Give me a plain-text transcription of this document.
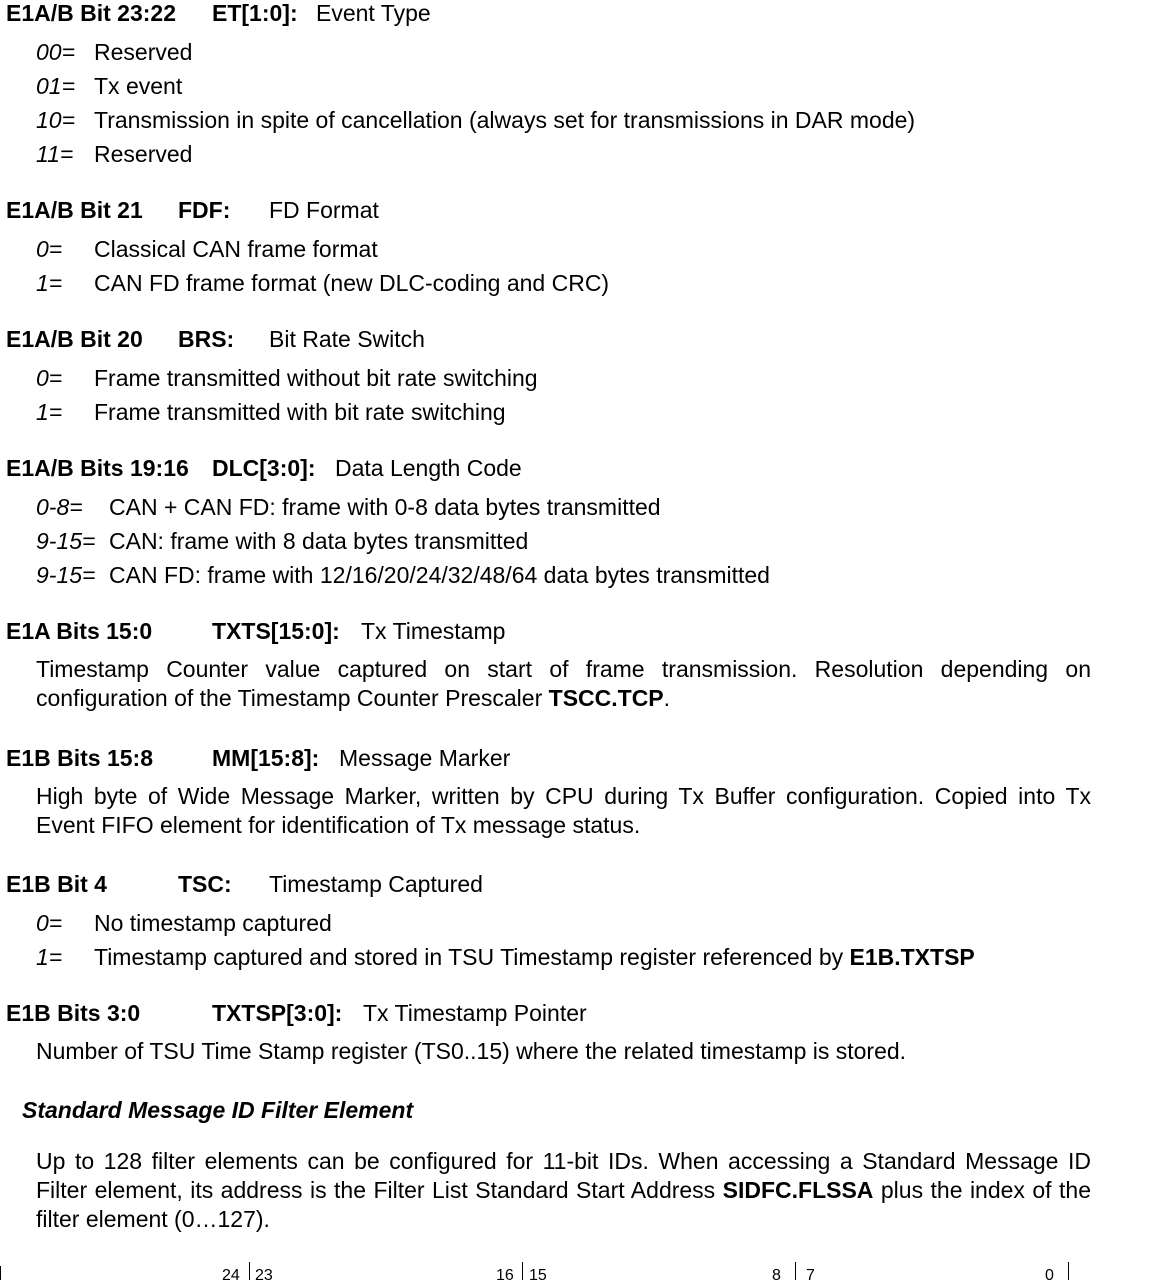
E1A/B Bit 23:22 ET[1:0]: Event Type
00= Reserved
01= Tx event
10= Transmission in spite of cancellation (always set for transmissions in DAR mode)
11= Reserved
E1A/B Bit 21 FDF: FD Format
0= Classical CAN frame format
1= CAN FD frame format (new DLC-coding and CRC)
E1A/B Bit 20 BRS: Bit Rate Switch
0= Frame transmitted without bit rate switching
1= Frame transmitted with bit rate switching
E1A/B Bits 19:16 DLC[3:0]: Data Length Code
0-8= CAN + CAN FD: frame with 0-8 data bytes transmitted
9-15= CAN: frame with 8 data bytes transmitted
9-15= CAN FD: frame with 12/16/20/24/32/48/64 data bytes transmitted
E1A Bits 15:0	TXTS[15:0]: Tx Timestamp
Timestamp Counter value captured on start of frame transmission. Resolution depending on configuration of the Timestamp Counter Prescaler TSCC.TCP.
E1B Bits 15:8	MM[15:8]: Message Marker
High byte of Wide Message Marker, written by CPU during Tx Buffer configuration. Copied into Tx Event FIFO element for identification of Tx message status.
E1B Bit 4	TSC: Timestamp Captured
0= No timestamp captured
1= Timestamp captured and stored in TSU Timestamp register referenced by E1B.TXTSP
E1B Bits 3:0	TXTSP[3:0]: Tx Timestamp Pointer
Number of TSU Time Stamp register (TS0..15) where the related timestamp is stored.
Standard Message ID Filter Element
Up to 128 filter elements can be configured for 11-bit IDs. When accessing a Standard Message ID Filter element, its address is the Filter List Standard Start Address SIDFC.FLSSA plus the index of the filter element (0…127).
24 23	16 15	8 7	0
